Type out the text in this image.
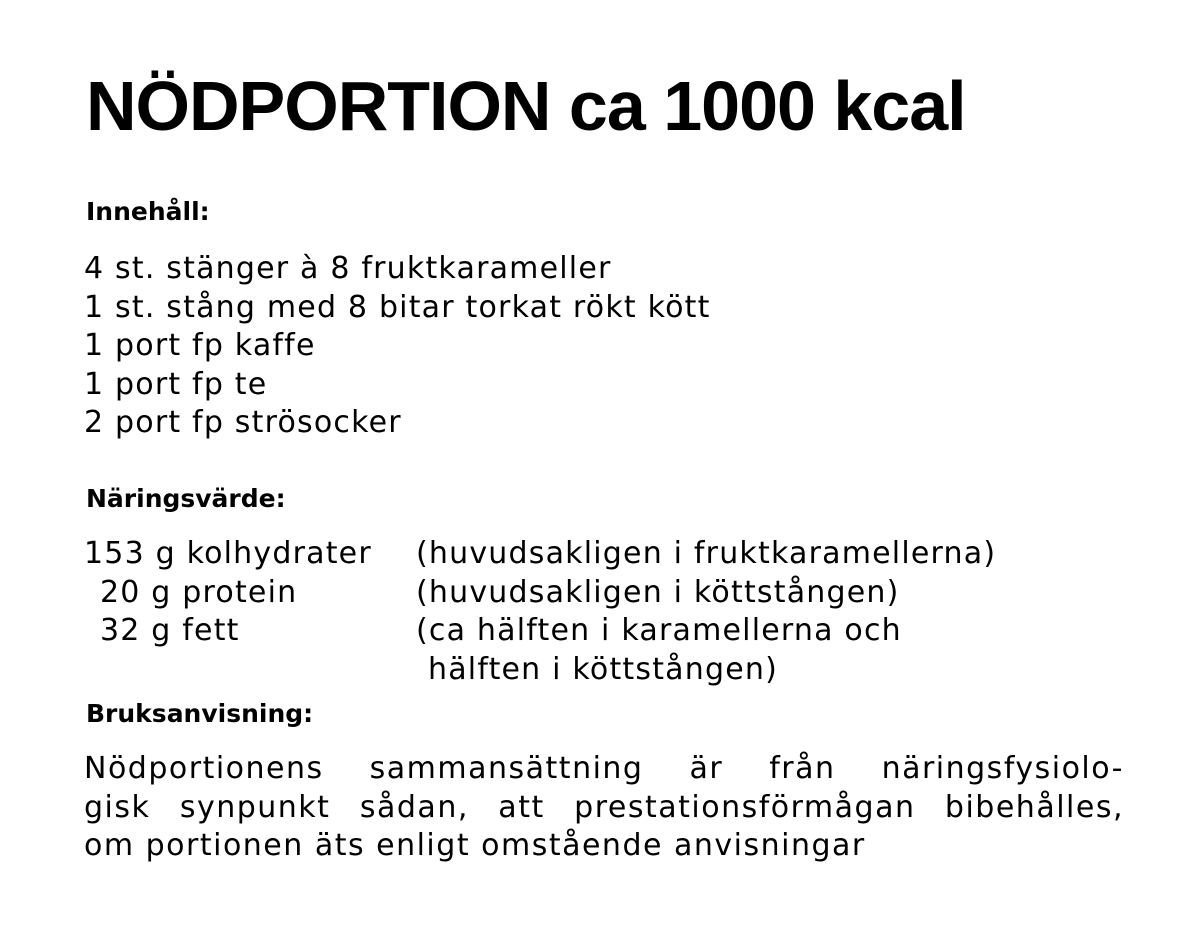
NÖDPORTION ca 1000 kcal
Innehåll:
4 st. stänger à 8 fruktkarameller
1 st. stång med 8 bitar torkat rökt kött
1 port fp kaffe
1 port fp te
2 port fp strösocker
Näringsvärde:
153 g kolhydrater (huvudsakligen i fruktkaramellerna)
20 g protein	(huvudsakligen i köttstången)
32 g fett	(ca hälften i karamellerna och
hälften i köttstången)
Bruksanvisning:
Nödportionens sammansättning är från näringsfysiolo-
gisk synpunkt sådan, att prestationsförmågan bibehålles,
om portionen äts enligt omstående anvisningar
